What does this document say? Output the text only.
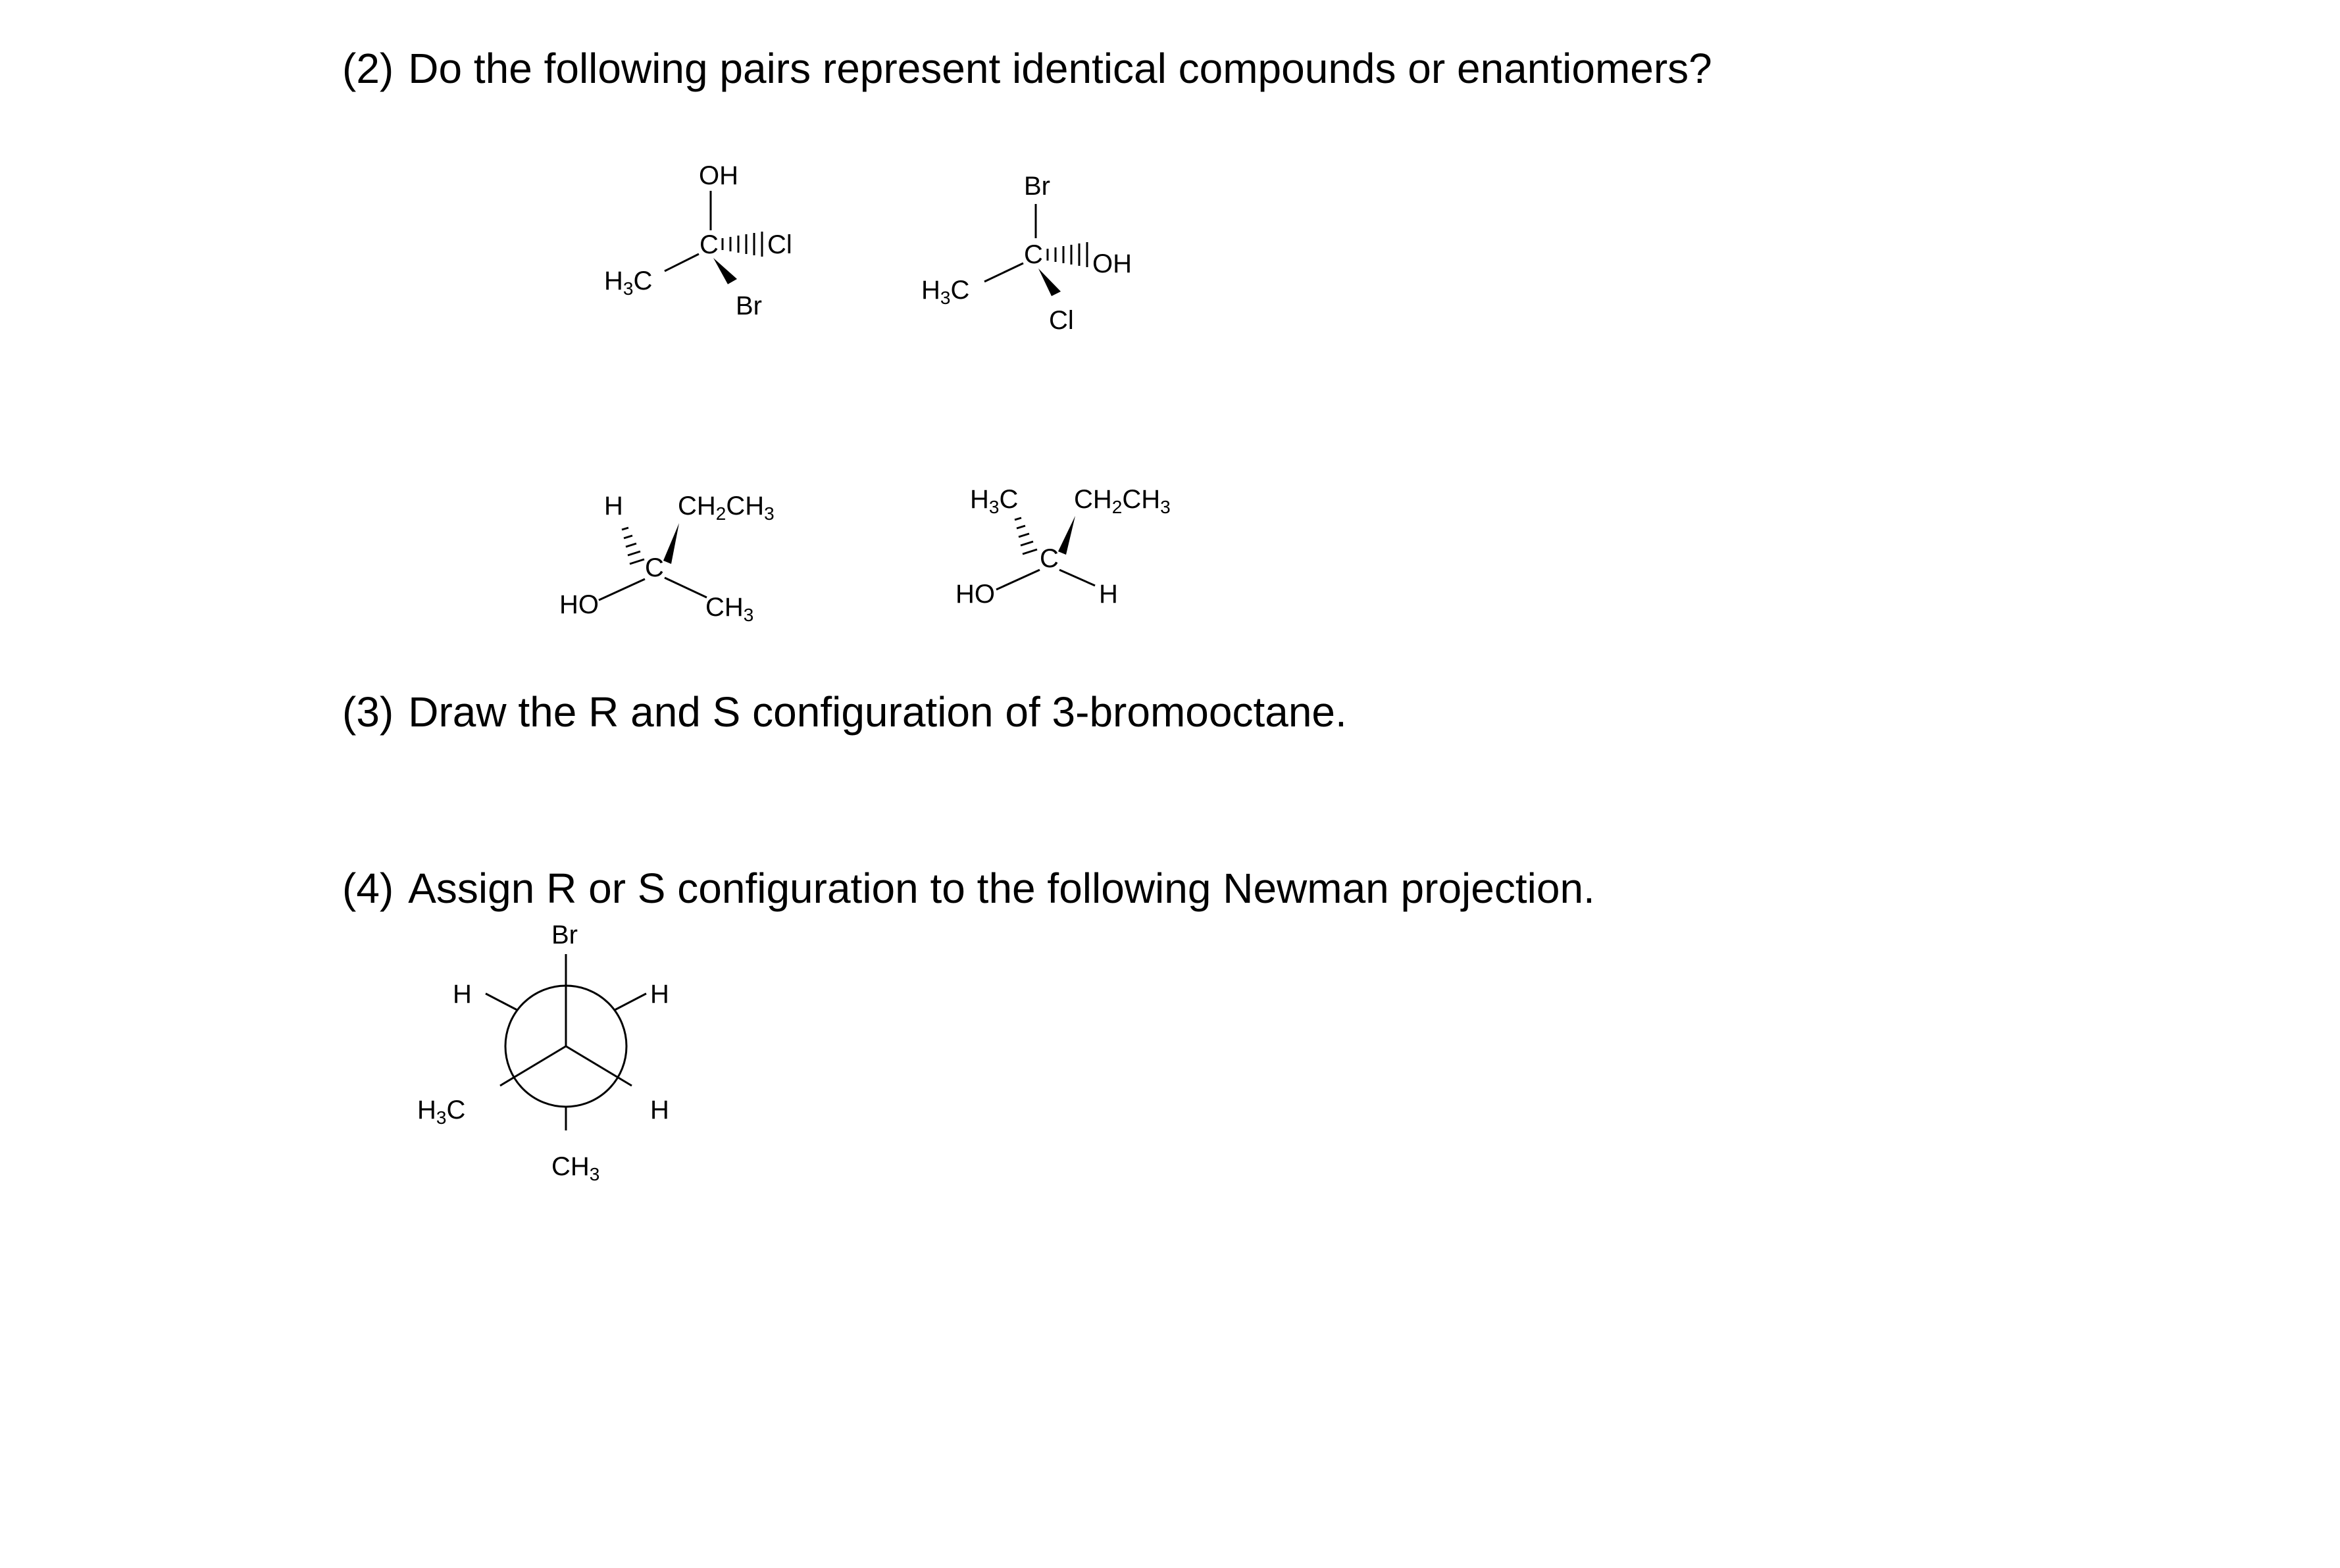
(2) Do the following pairs represent identical compounds or enantiomers?
(3) Draw the R and S configuration of 3-bromooctane.
(4) Assign R or S configuration to the following Newman projection.
OH
C Cl
$H_3C$
Br
Br
C OH
$H_3C$
Cl
H $CH_2CH_3$
C
HO	$CH_3$
$H_3C$ $CH_2CH_3$
C
HO	H
Br
H	H
$H_3C$	H
$CH_3$
